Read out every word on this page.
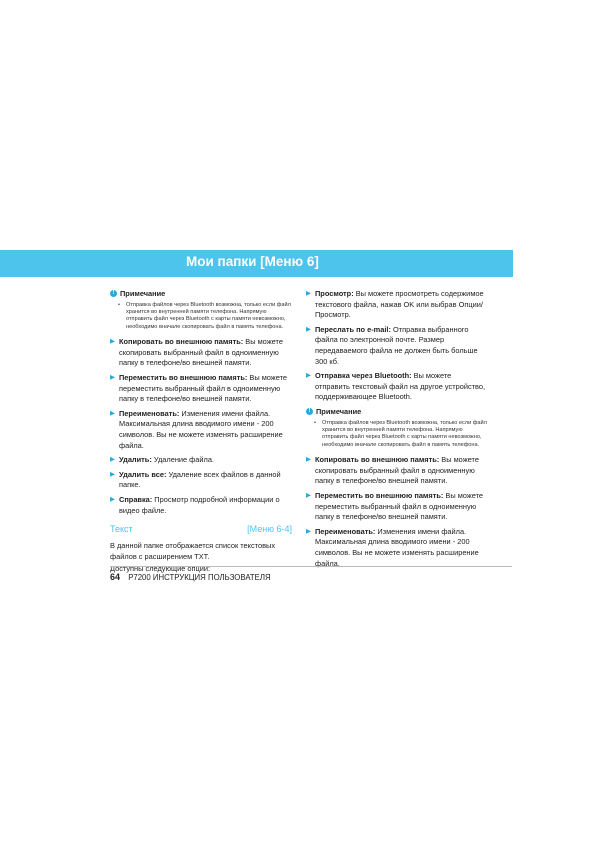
Мои папки [Меню 6]
! Примечание
• Отправка файлов через Bluetooth возможна, только если файл хранится во внутренней памяти телефона. Напрямую отправить файл через Bluetooth с карты памяти невозможно, необходимо вначале скопировать файл в память телефона.
▶ Копировать во внешнюю память: Вы можете скопировать выбранный файл в одноименную папку в телефоне/во внешней памяти.
▶ Переместить во внешнюю память: Вы можете переместить выбранный файл в одноименную папку в телефоне/во внешней памяти.
▶ Переименовать: Изменения имени файла. Максимальная длина вводимого имени - 200 символов. Вы не можете изменять расширение файла.
▶ Удалить: Удаление файла.
▶ Удалить все: Удаление всех файлов в данной папке.
▶ Справка: Просмотр подробной информации о видео файле.
Текст	[Меню 6-4]
В данной папке отображается список текстовых файлов с расширением TXT.
Доступны следующие опции:
▶ Просмотр: Вы можете просмотреть содержимое текстового файла, нажав OK или выбрав Опции/Просмотр.
▶ Переслать по e-mail: Отправка выбранного файла по электронной почте. Размер передаваемого файла не должен быть больше 300 кб.
▶ Отправка через Bluetooth: Вы можете отправить текстовый файл на другое устройство, поддерживающее Bluetooth.
! Примечание
• Отправка файлов через Bluetooth возможна, только если файл хранится во внутренней памяти телефона. Напрямую отправить файл через Bluetooth с карты памяти невозможно, необходимо вначале скопировать файл в память телефона.
▶ Копировать во внешнюю память: Вы можете скопировать выбранный файл в одноименную папку в телефоне/во внешней памяти.
▶ Переместить во внешнюю память: Вы можете переместить выбранный файл в одноименную папку в телефоне/во внешней памяти.
▶ Переименовать: Изменения имени файла. Максимальная длина вводимого имени - 200 символов. Вы не можете изменять расширение файла.
64 P7200 ИНСТРУКЦИЯ ПОЛЬЗОВАТЕЛЯ
